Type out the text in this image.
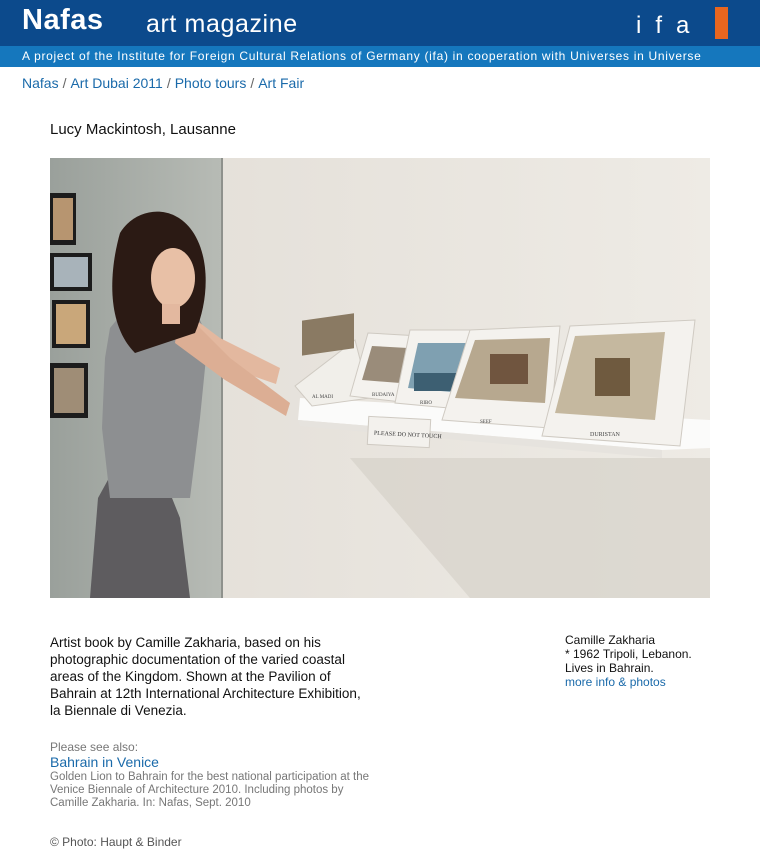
Nafas art magazine	ifa
A project of the Institute for Foreign Cultural Relations of Germany (ifa) in cooperation with Universes in Universe
Nafas / Art Dubai 2011 / Photo tours / Art Fair
Lucy Mackintosh, Lausanne
PLEASE DO NOT TOUCH
AL MADI	BUDAIYA
RIBO
SEEF
DURISTAN

Artist book by Camille Zakharia, based on his photographic documentation of the varied coastal areas of the Kingdom. Shown at the Pavilion of Bahrain at 12th International Architecture Exhibition, la Biennale di Venezia.

Camille Zakharia
* 1962 Tripoli, Lebanon.
Lives in Bahrain.
more info & photos
Please see also:
Bahrain in Venice
Golden Lion to Bahrain for the best national participation at the Venice Biennale of Architecture 2010. Including photos by Camille Zakharia. In: Nafas, Sept. 2010
© Photo: Haupt & Binder
